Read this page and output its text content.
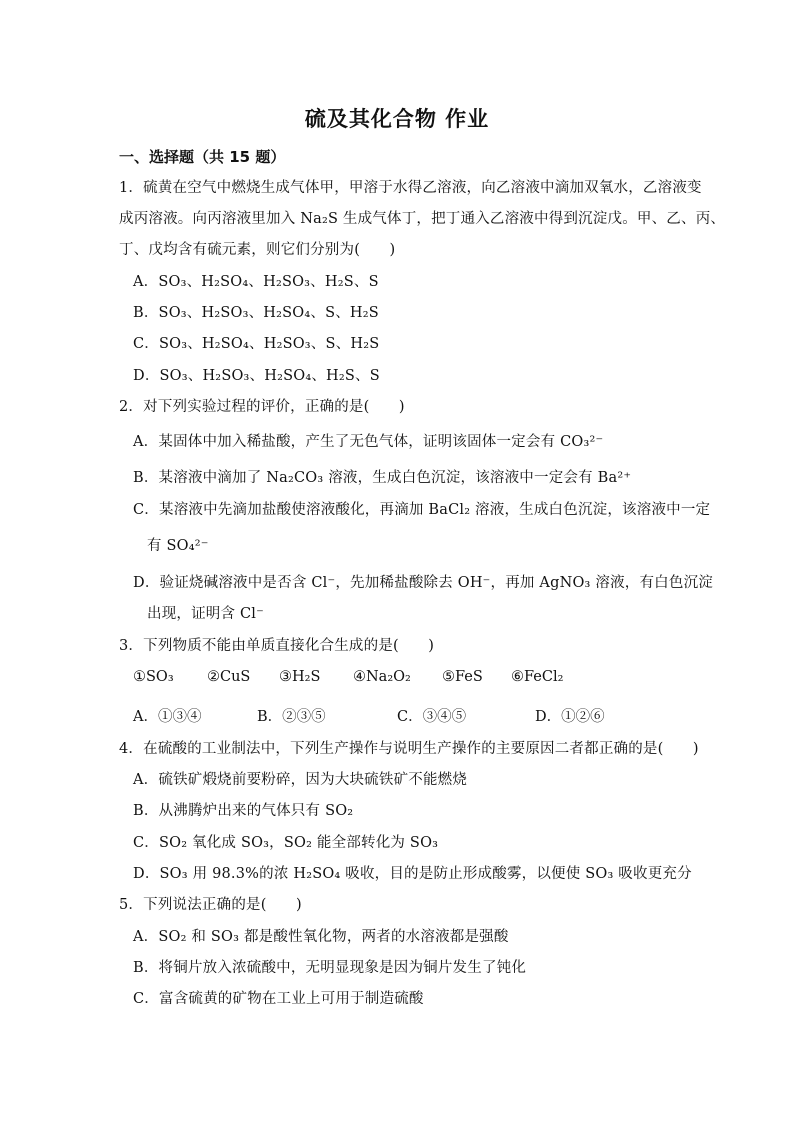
硫及其化合物 作业
一、选择题（共 15 题）
1．硫黄在空气中燃烧生成气体甲，甲溶于水得乙溶液，向乙溶液中滴加双氧水，乙溶液变
成丙溶液。向丙溶液里加入 Na₂S 生成气体丁，把丁通入乙溶液中得到沉淀戊。甲、乙、丙、
丁、戊均含有硫元素，则它们分别为(　　)
A．SO₃、H₂SO₄、H₂SO₃、H₂S、S
B．SO₃、H₂SO₃、H₂SO₄、S、H₂S
C．SO₃、H₂SO₄、H₂SO₃、S、H₂S
D．SO₃、H₂SO₃、H₂SO₄、H₂S、S
2．对下列实验过程的评价，正确的是(　　)
A．某固体中加入稀盐酸，产生了无色气体，证明该固体一定会有 CO₃²⁻
B．某溶液中滴加了 Na₂CO₃ 溶液，生成白色沉淀，该溶液中一定会有 Ba²⁺
C．某溶液中先滴加盐酸使溶液酸化，再滴加 BaCl₂ 溶液，生成白色沉淀，该溶液中一定
有 SO₄²⁻
D．验证烧碱溶液中是否含 Cl⁻，先加稀盐酸除去 OH⁻，再加 AgNO₃ 溶液，有白色沉淀
出现，证明含 Cl⁻
3．下列物质不能由单质直接化合生成的是(　　)
①SO₃ ②CuS ③H₂S ④Na₂O₂ ⑤FeS ⑥FeCl₂
A．①③④	B．②③⑤	C．③④⑤	D．①②⑥
4．在硫酸的工业制法中，下列生产操作与说明生产操作的主要原因二者都正确的是(　　)
A．硫铁矿煅烧前要粉碎，因为大块硫铁矿不能燃烧
B．从沸腾炉出来的气体只有 SO₂
C．SO₂ 氧化成 SO₃，SO₂ 能全部转化为 SO₃
D．SO₃ 用 98.3%的浓 H₂SO₄ 吸收，目的是防止形成酸雾，以便使 SO₃ 吸收更充分
5．下列说法正确的是(　　)
A．SO₂ 和 SO₃ 都是酸性氧化物，两者的水溶液都是强酸
B．将铜片放入浓硫酸中，无明显现象是因为铜片发生了钝化
C．富含硫黄的矿物在工业上可用于制造硫酸
